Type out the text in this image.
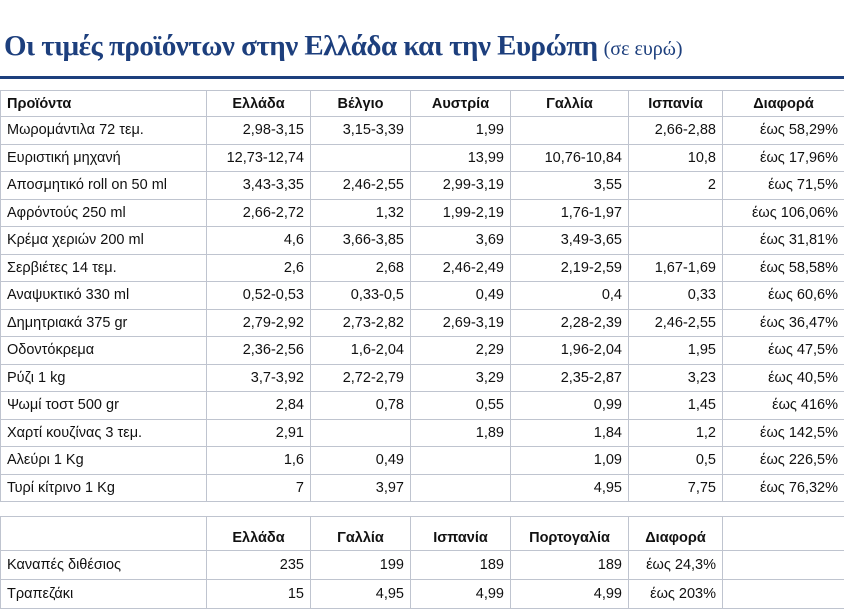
Οι τιμές προϊόντων στην Ελλάδα και την Ευρώπη (σε ευρώ)
Προϊόντα	Ελλάδα	Βέλγιο	Αυστρία	Γαλλία	Ισπανία	Διαφορά
Μωρομάντιλα 72 τεμ.	2,98-3,15	3,15-3,39	1,99		2,66-2,88	έως 58,29%
Ευριστική μηχανή	12,73-12,74		13,99	10,76-10,84	10,8	έως 17,96%
Αποσμητικό roll on 50 ml	3,43-3,35	2,46-2,55	2,99-3,19	3,55	2	έως 71,5%
Αφρόντούς 250 ml	2,66-2,72	1,32	1,99-2,19	1,76-1,97		έως 106,06%
Κρέμα χεριών 200 ml	4,6	3,66-3,85	3,69	3,49-3,65		έως 31,81%
Σερβιέτες 14 τεμ.	2,6	2,68	2,46-2,49	2,19-2,59	1,67-1,69	έως 58,58%
Αναψυκτικό 330 ml	0,52-0,53	0,33-0,5	0,49	0,4	0,33	έως 60,6%
Δημητριακά 375 gr	2,79-2,92	2,73-2,82	2,69-3,19	2,28-2,39	2,46-2,55	έως 36,47%
Οδοντόκρεμα	2,36-2,56	1,6-2,04	2,29	1,96-2,04	1,95	έως 47,5%
Ρύζι 1 kg	3,7-3,92	2,72-2,79	3,29	2,35-2,87	3,23	έως 40,5%
Ψωμί τοστ 500 gr	2,84	0,78	0,55	0,99	1,45	έως 416%
Χαρτί κουζίνας 3 τεμ.	2,91		1,89	1,84	1,2	έως 142,5%
Αλεύρι 1 Kg	1,6	0,49		1,09	0,5	έως 226,5%
Τυρί κίτρινο 1 Kg	7	3,97		4,95	7,75	έως 76,32%
	Ελλάδα	Γαλλία	Ισπανία	Πορτογαλία	Διαφορά	
Καναπές διθέσιος	235	199	189	189	έως 24,3%	
Τραπεζάκι	15	4,95	4,99	4,99	έως 203%	
